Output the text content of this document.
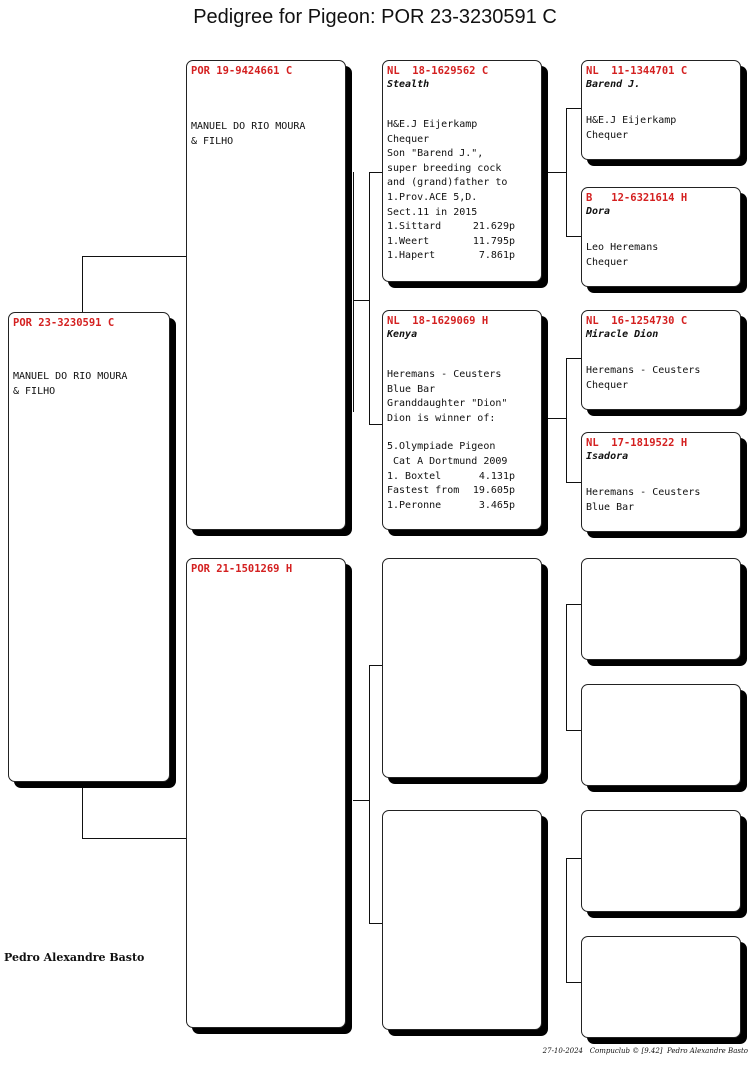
Pedigree for Pigeon: POR 23-3230591 C
POR 23-3230591 C
MANUEL DO RIO MOURA
& FILHO
POR 19-9424661 C
MANUEL DO RIO MOURA
& FILHO
POR 21-1501269 H
NL  18-1629562 C
Stealth
H&E.J Eijerkamp
Chequer
Son "Barend J.",
super breeding cock
and (grand)father to
1.Prov.ACE 5,D.
Sect.11 in 2015
1.Sittard	21.629p
1.Weert	11.795p
1.Hapert	7.861p
NL  18-1629069 H
Kenya
Heremans - Ceusters
Blue Bar
Granddaughter "Dion"
Dion is winner of:
5.Olympiade Pigeon
Cat A Dortmund 2009
1. Boxtel	4.131p
Fastest from 19.605p
1.Peronne	3.465p
NL  11-1344701 C
Barend J.
H&E.J Eijerkamp
Chequer
B   12-6321614 H
Dora
Leo Heremans
Chequer
NL  16-1254730 C
Miracle Dion
Heremans - Ceusters
Chequer
NL  17-1819522 H
Isadora
Heremans - Ceusters
Blue Bar
Pedro Alexandre Basto
27-10-2024   Compuclub © [9.42]  Pedro Alexandre Basto
